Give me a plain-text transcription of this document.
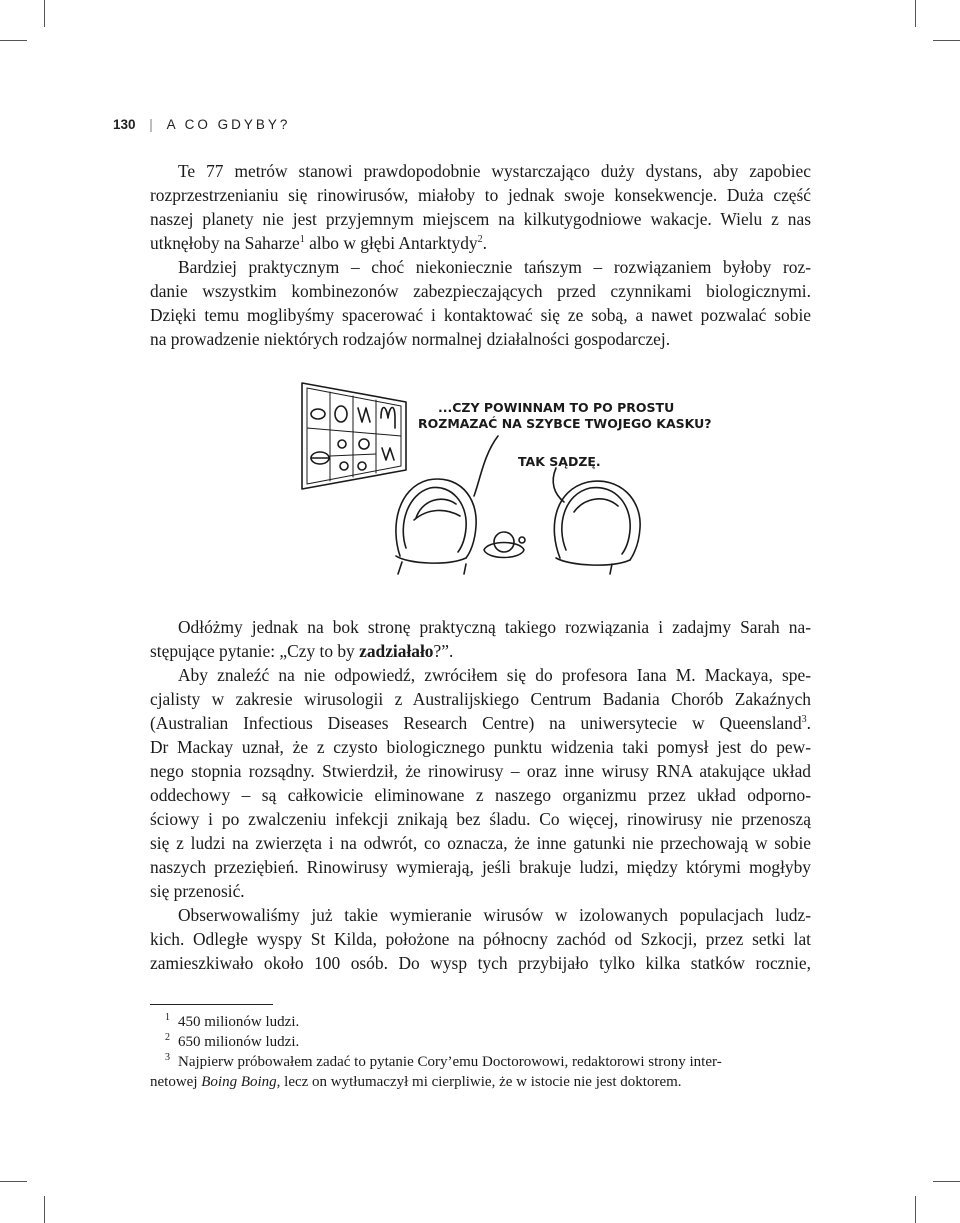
130 | A CO GDYBY?
Te 77 metrów stanowi prawdopodobnie wystarczająco duży dystans, aby zapobiec
rozprzestrzenianiu się rinowirusów, miałoby to jednak swoje konsekwencje. Duża część
naszej planety nie jest przyjemnym miejscem na kilkutygodniowe wakacje. Wielu z nas
utknęłoby na Saharze$^1$ albo w głębi Antarktydy$^2$.
Bardziej praktycznym – choć niekoniecznie tańszym – rozwiązaniem byłoby roz-
danie wszystkim kombinezonów zabezpieczających przed czynnikami biologicznymi.
Dzięki temu moglibyśmy spacerować i kontaktować się ze sobą, a nawet pozwalać sobie
na prowadzenie niektórych rodzajów normalnej działalności gospodarczej.
...CZY POWINNAM TO PO PROSTU
ROZMAZAĆ NA SZYBCE TWOJEGO KASKU?
TAK SĄDZĘ.
Odłóżmy jednak na bok stronę praktyczną takiego rozwiązania i zadajmy Sarah na-
stępujące pytanie: „Czy to by zadziałało?”.
Aby znaleźć na nie odpowiedź, zwróciłem się do profesora Iana M. Mackaya, spe-
cjalisty w zakresie wirusologii z Australijskiego Centrum Badania Chorób Zakaźnych
(Australian Infectious Diseases Research Centre) na uniwersytecie w Queensland$^3$.
Dr Mackay uznał, że z czysto biologicznego punktu widzenia taki pomysł jest do pew-
nego stopnia rozsądny. Stwierdził, że rinowirusy – oraz inne wirusy RNA atakujące układ
oddechowy – są całkowicie eliminowane z naszego organizmu przez układ odporno-
ściowy i po zwalczeniu infekcji znikają bez śladu. Co więcej, rinowirusy nie przenoszą
się z ludzi na zwierzęta i na odwrót, co oznacza, że inne gatunki nie przechowają w sobie
naszych przeziębień. Rinowirusy wymierają, jeśli brakuje ludzi, między którymi mogłyby
się przenosić.
Obserwowaliśmy już takie wymieranie wirusów w izolowanych populacjach ludz-
kich. Odległe wyspy St Kilda, położone na północny zachód od Szkocji, przez setki lat
zamieszkiwało około 100 osób. Do wysp tych przybijało tylko kilka statków rocznie,
1 450 milionów ludzi.
2 650 milionów ludzi.
3 Najpierw próbowałem zadać to pytanie Cory’emu Doctorowowi, redaktorowi strony inter-
netowej Boing Boing, lecz on wytłumaczył mi cierpliwie, że w istocie nie jest doktorem.
